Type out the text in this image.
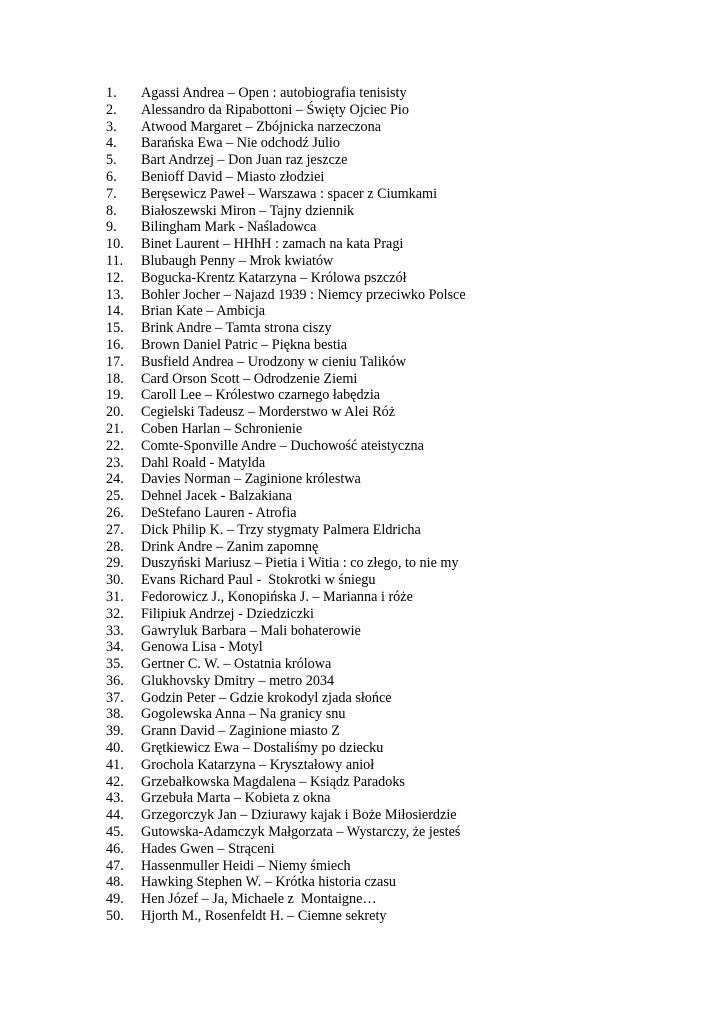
1.	Agassi Andrea – Open : autobiografia tenisisty
2.	Alessandro da Ripabottoni – Święty Ojciec Pio
3.	Atwood Margaret – Zbójnicka narzeczona
4.	Barańska Ewa – Nie odchodź Julio
5.	Bart Andrzej – Don Juan raz jeszcze
6.	Benioff David – Miasto złodziei
7.	Beręsewicz Paweł – Warszawa : spacer z Ciumkami
8.	Białoszewski Miron – Tajny dziennik
9.	Bilingham Mark - Naśladowca
10.	Binet Laurent – HHhH : zamach na kata Pragi
11.	Blubaugh Penny – Mrok kwiatów
12.	Bogucka-Krentz Katarzyna – Królowa pszczół
13.	Bohler Jocher – Najazd 1939 : Niemcy przeciwko Polsce
14.	Brian Kate – Ambicja
15.	Brink Andre – Tamta strona ciszy
16.	Brown Daniel Patric – Piękna bestia
17.	Busfield Andrea – Urodzony w cieniu Talików
18.	Card Orson Scott – Odrodzenie Ziemi
19.	Caroll Lee – Królestwo czarnego łabędzia
20.	Cegielski Tadeusz – Morderstwo w Alei Róż
21.	Coben Harlan – Schronienie
22.	Comte-Sponville Andre – Duchowość ateistyczna
23.	Dahl Roald - Matylda
24.	Davies Norman – Zaginione królestwa
25.	Dehnel Jacek - Balzakiana
26.	DeStefano Lauren - Atrofia
27.	Dick Philip K. – Trzy stygmaty Palmera Eldricha
28.	Drink Andre – Zanim zapomnę
29.	Duszyński Mariusz – Pietia i Witia : co złego, to nie my
30.	Evans Richard Paul -  Stokrotki w śniegu
31.	Fedorowicz J., Konopińska J. – Marianna i róże
32.	Filipiuk Andrzej - Dziedziczki
33.	Gawryluk Barbara – Mali bohaterowie
34.	Genowa Lisa - Motyl
35.	Gertner C. W. – Ostatnia królowa
36.	Glukhovsky Dmitry – metro 2034
37.	Godzin Peter – Gdzie krokodyl zjada słońce
38.	Gogolewska Anna – Na granicy snu
39.	Grann David – Zaginione miasto Z
40.	Grętkiewicz Ewa – Dostaliśmy po dziecku
41.	Grochola Katarzyna – Kryształowy anioł
42.	Grzebałkowska Magdalena – Ksiądz Paradoks
43.	Grzebuła Marta – Kobieta z okna
44.	Grzegorczyk Jan – Dziurawy kajak i Boże Miłosierdzie
45.	Gutowska-Adamczyk Małgorzata – Wystarczy, że jesteś
46.	Hades Gwen – Strąceni
47.	Hassenmuller Heidi – Niemy śmiech
48.	Hawking Stephen W. – Krótka historia czasu
49.	Hen Józef – Ja, Michaele z  Montaigne…
50.	Hjorth M., Rosenfeldt H. – Ciemne sekrety
